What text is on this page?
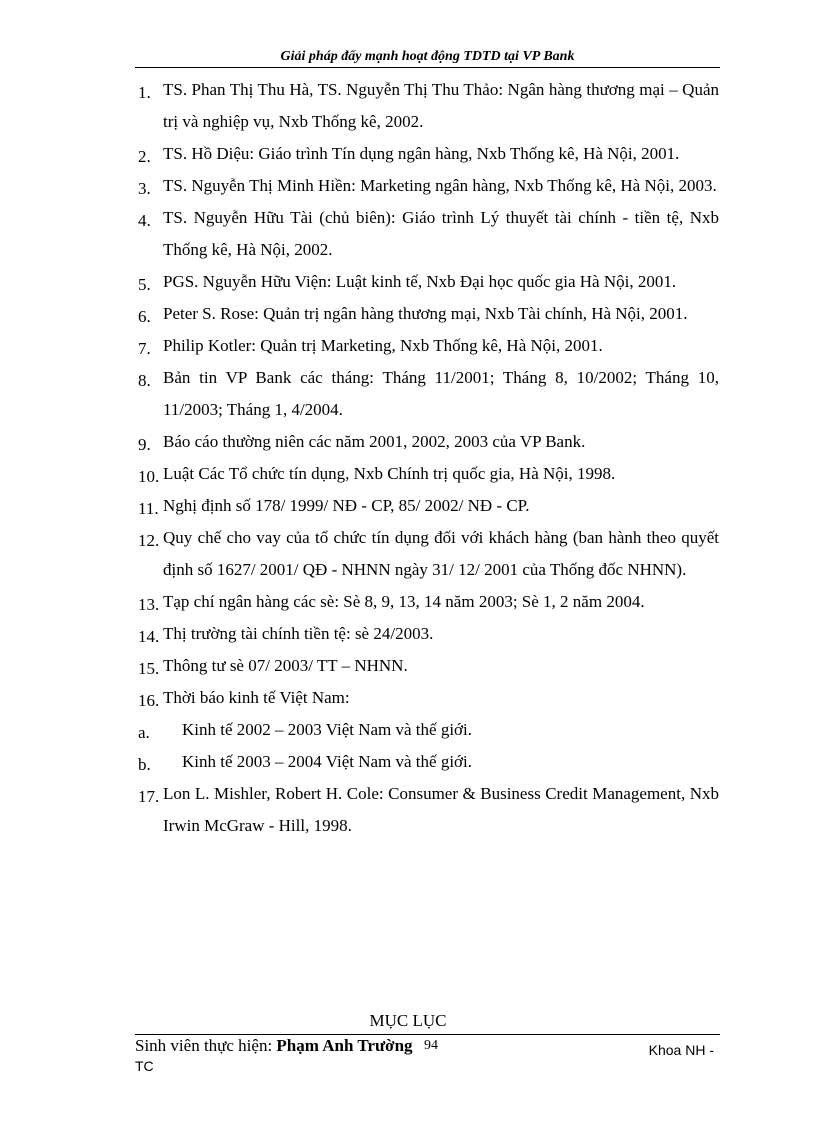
Giải pháp đẩy mạnh hoạt động TDTD tại VP Bank
1. TS. Phan Thị Thu Hà, TS. Nguyễn Thị Thu Thảo: Ngân hàng thương mại – Quản trị và nghiệp vụ, Nxb Thống kê, 2002.
2. TS. Hồ Diệu: Giáo trình Tín dụng ngân hàng, Nxb Thống kê, Hà Nội, 2001.
3. TS. Nguyễn Thị Minh Hiền: Marketing ngân hàng, Nxb Thống kê, Hà Nội, 2003.
4. TS. Nguyễn Hữu Tài (chủ biên): Giáo trình Lý thuyết tài chính - tiền tệ, Nxb Thống kê, Hà Nội, 2002.
5. PGS. Nguyễn Hữu Viện: Luật kinh tế, Nxb Đại học quốc gia Hà Nội, 2001.
6. Peter S. Rose: Quản trị ngân hàng thương mại, Nxb Tài chính, Hà Nội, 2001.
7. Philip Kotler: Quản trị Marketing, Nxb Thống kê, Hà Nội, 2001.
8. Bản tin VP Bank các tháng: Tháng 11/2001; Tháng 8, 10/2002; Tháng 10, 11/2003; Tháng 1, 4/2004.
9. Báo cáo thường niên các năm 2001, 2002, 2003 của VP Bank.
10. Luật Các Tổ chức tín dụng, Nxb Chính trị quốc gia, Hà Nội, 1998.
11. Nghị định số 178/ 1999/ NĐ - CP, 85/ 2002/ NĐ - CP.
12. Quy chế cho vay của tổ chức tín dụng đối với khách hàng (ban hành theo quyết định số 1627/ 2001/ QĐ - NHNN ngày 31/ 12/ 2001 của Thống đốc NHNN).
13. Tạp chí ngân hàng các sè: Sè 8, 9, 13, 14 năm 2003; Sè 1, 2 năm 2004.
14. Thị trường tài chính tiền tệ: sè 24/2003.
15. Thông tư sè 07/ 2003/ TT – NHNN.
16. Thời báo kinh tế Việt Nam:
a. Kinh tế 2002 – 2003 Việt Nam và thế giới.
b. Kinh tế 2003 – 2004 Việt Nam và thế giới.
17. Lon L. Mishler, Robert H. Cole: Consumer & Business Credit Management, Nxb Irwin McGraw - Hill, 1998.
MỤC LỤC
Sinh viên thực hiện: Phạm Anh Trường 94	Khoa NH -
TC
